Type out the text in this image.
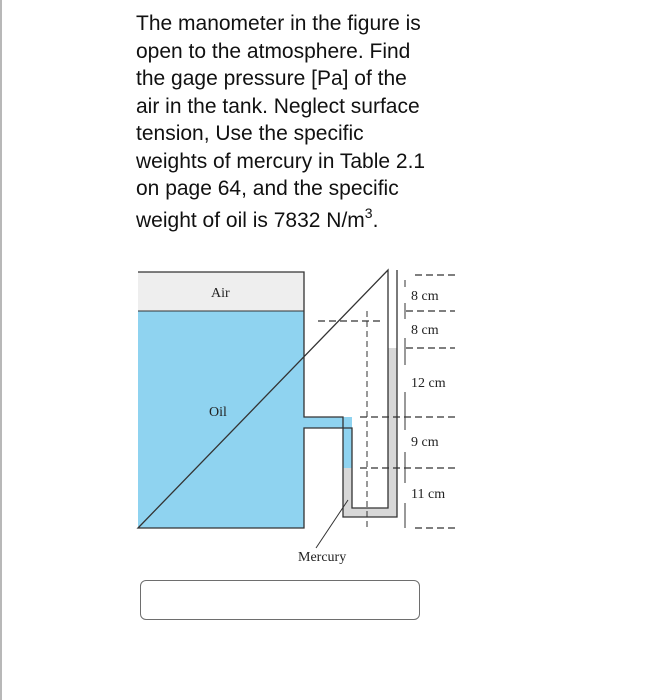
The manometer in the figure is
open to the atmosphere. Find
the gage pressure [Pa] of the
air in the tank. Neglect surface
tension, Use the specific
weights of mercury in Table 2.1
on page 64, and the specific
weight of oil is 7832 $N/m^3$.
Air
Oil
Mercury
8 cm
8 cm
12 cm
9 cm
11 cm
